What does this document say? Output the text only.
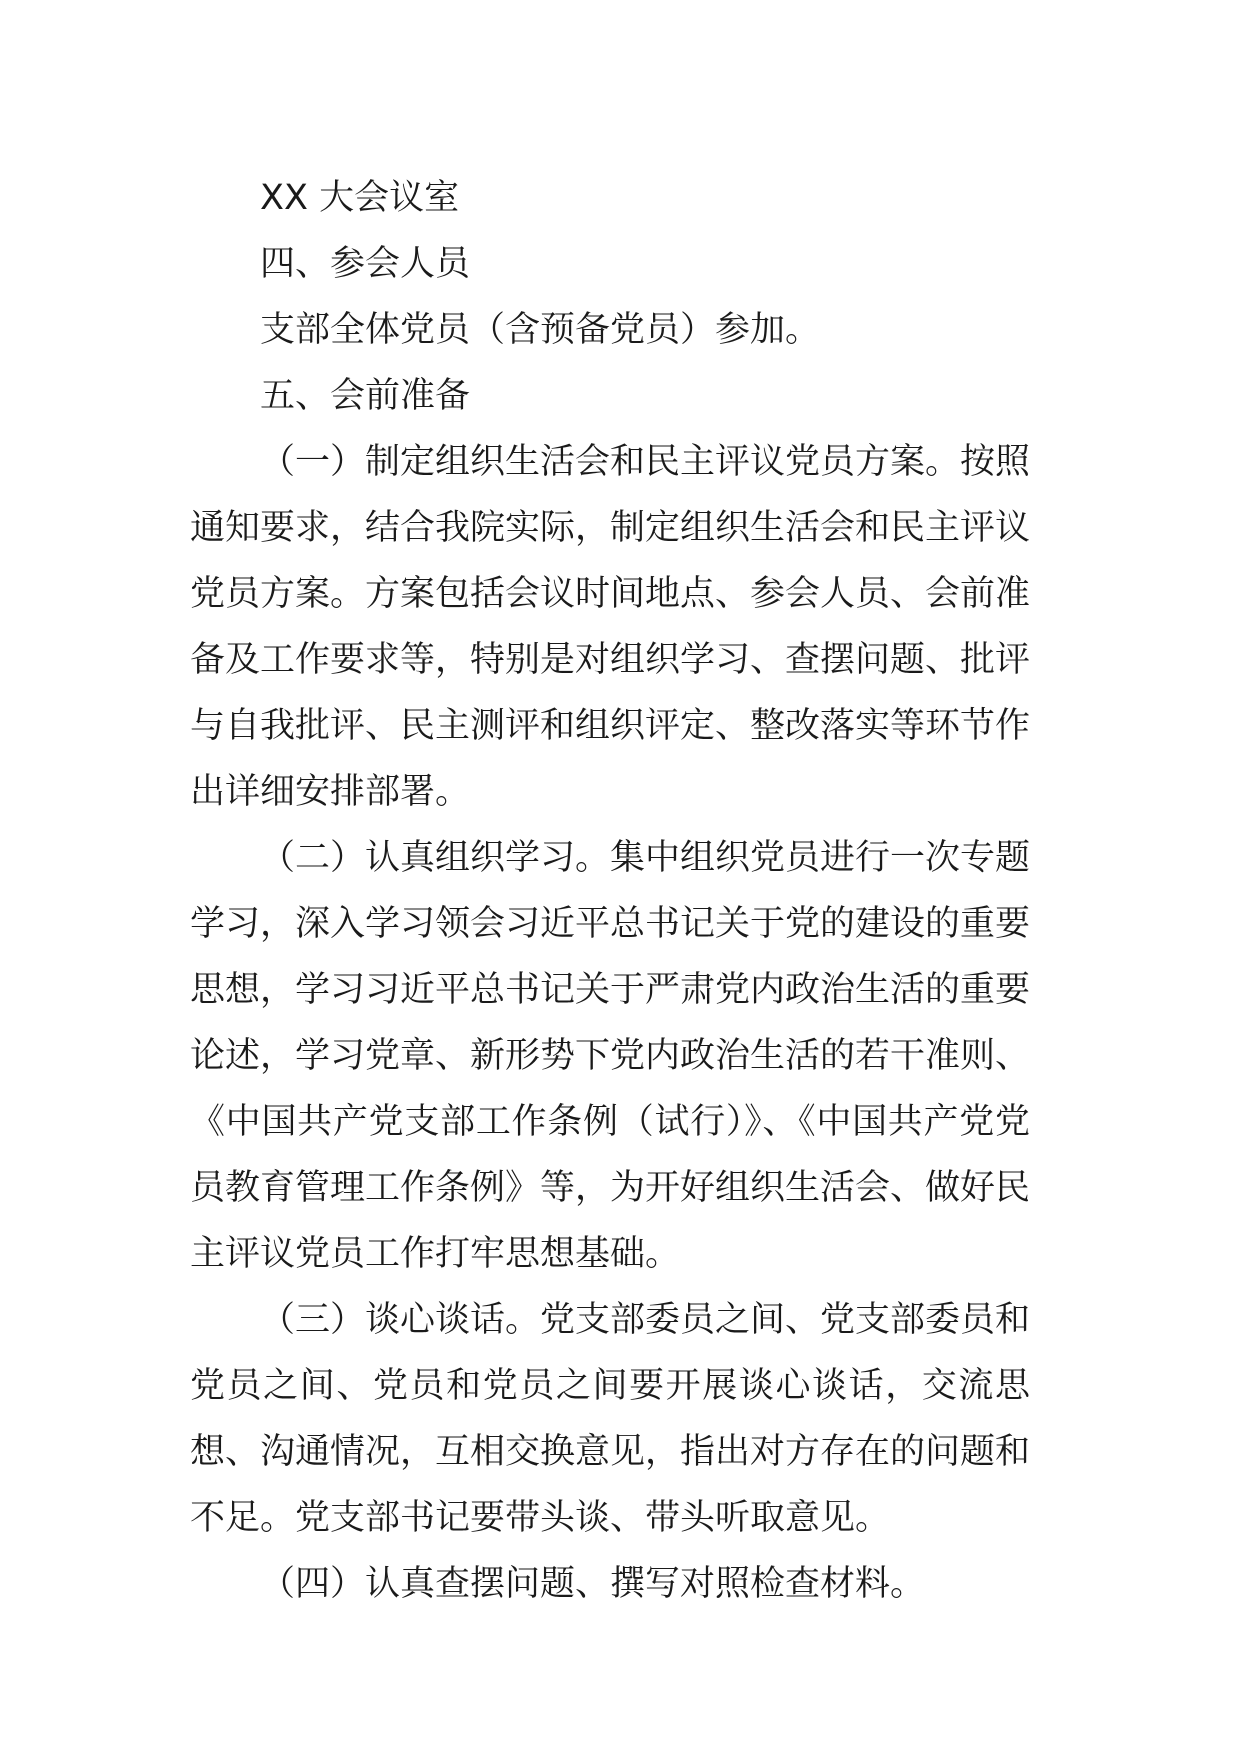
XX 大会议室

四、参会人员

支部全体党员（含预备党员）参加。

五、会前准备

（一）制定组织生活会和民主评议党员方案。按照通知要求，结合我院实际，制定组织生活会和民主评议党员方案。方案包括会议时间地点、参会人员、会前准备及工作要求等，特别是对组织学习、查摆问题、批评与自我批评、民主测评和组织评定、整改落实等环节作出详细安排部署。

（二）认真组织学习。集中组织党员进行一次专题学习，深入学习领会习近平总书记关于党的建设的重要思想，学习习近平总书记关于严肃党内政治生活的重要论述，学习党章、新形势下党内政治生活的若干准则、《中国共产党支部工作条例（试行）》、《中国共产党党员教育管理工作条例》等，为开好组织生活会、做好民主评议党员工作打牢思想基础。

（三）谈心谈话。党支部委员之间、党支部委员和党员之间、党员和党员之间要开展谈心谈话，交流思想、沟通情况，互相交换意见，指出对方存在的问题和不足。党支部书记要带头谈、带头听取意见。

（四）认真查摆问题、撰写对照检查材料。
